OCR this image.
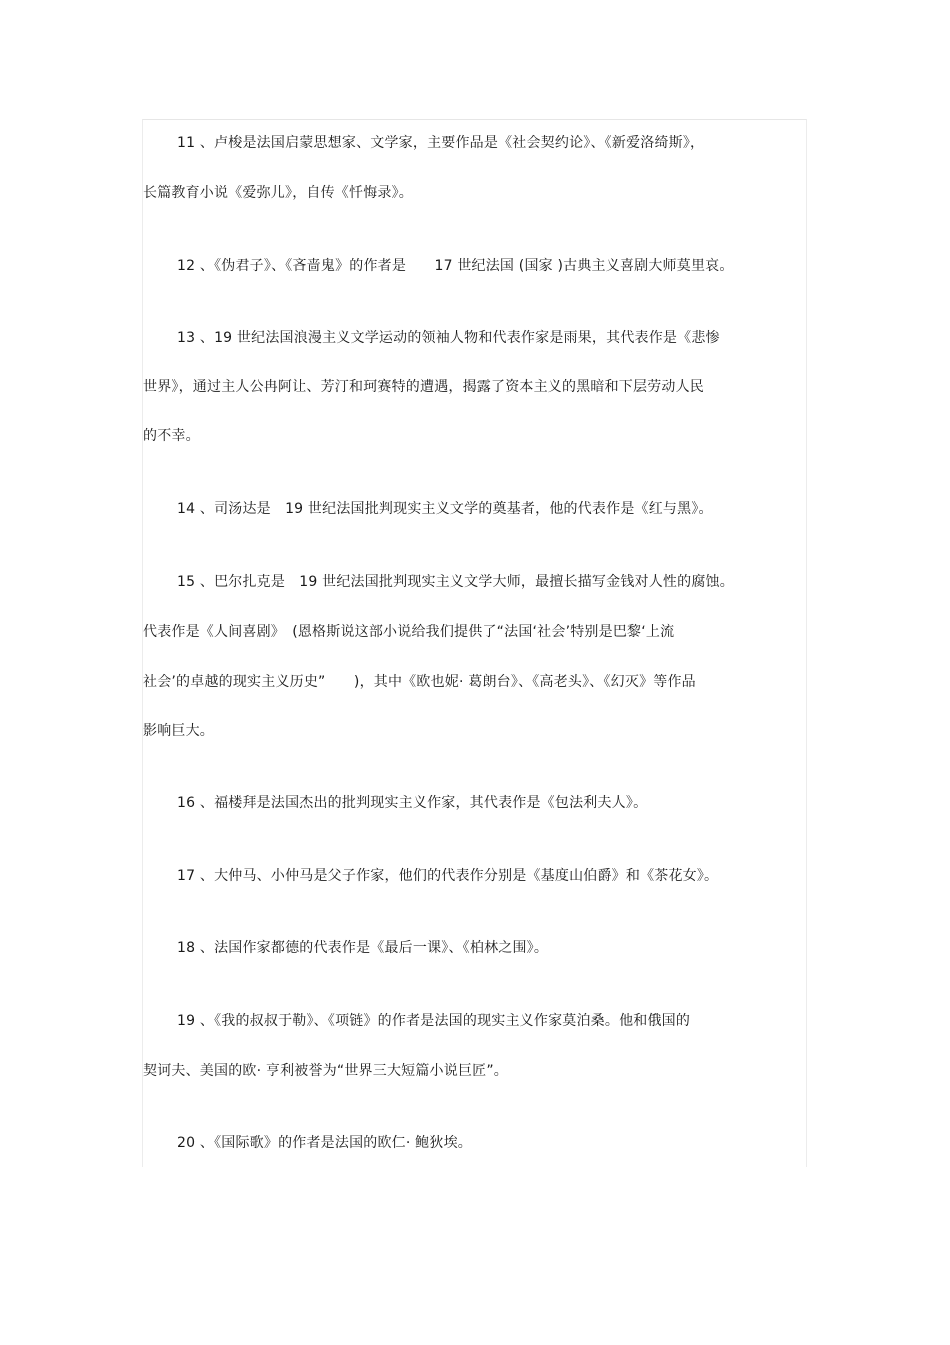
11 、卢梭是法国启蒙思想家、文学家，主要作品是《社会契约论》、《新爱洛绮斯》，
长篇教育小说《爱弥儿》，自传《忏悔录》。
12 、《伪君子》、《吝啬鬼》的作者是　　17 世纪法国 (国家 )古典主义喜剧大师莫里哀。
13 、19 世纪法国浪漫主义文学运动的领袖人物和代表作家是雨果，其代表作是《悲惨
世界》，通过主人公冉阿让、芳汀和珂赛特的遭遇，揭露了资本主义的黑暗和下层劳动人民
的不幸。
14 、司汤达是　19 世纪法国批判现实主义文学的奠基者，他的代表作是《红与黑》。
15 、巴尔扎克是　19 世纪法国批判现实主义文学大师，最擅长描写金钱对人性的腐蚀。
代表作是《人间喜剧》　(恩格斯说这部小说给我们提供了“法国‘社会’特别是巴黎‘上流
社会’的卓越的现实主义历史”　　)，其中《欧也妮· 葛朗台》、《高老头》、《幻灭》等作品
影响巨大。
16 、福楼拜是法国杰出的批判现实主义作家，其代表作是《包法利夫人》。
17 、大仲马、小仲马是父子作家，他们的代表作分别是《基度山伯爵》和《茶花女》。
18 、法国作家都德的代表作是《最后一课》、《柏林之围》。
19 、《我的叔叔于勒》、《项链》的作者是法国的现实主义作家莫泊桑。他和俄国的
契诃夫、美国的欧· 亨利被誉为“世界三大短篇小说巨匠”。
20 、《国际歌》的作者是法国的欧仁· 鲍狄埃。
